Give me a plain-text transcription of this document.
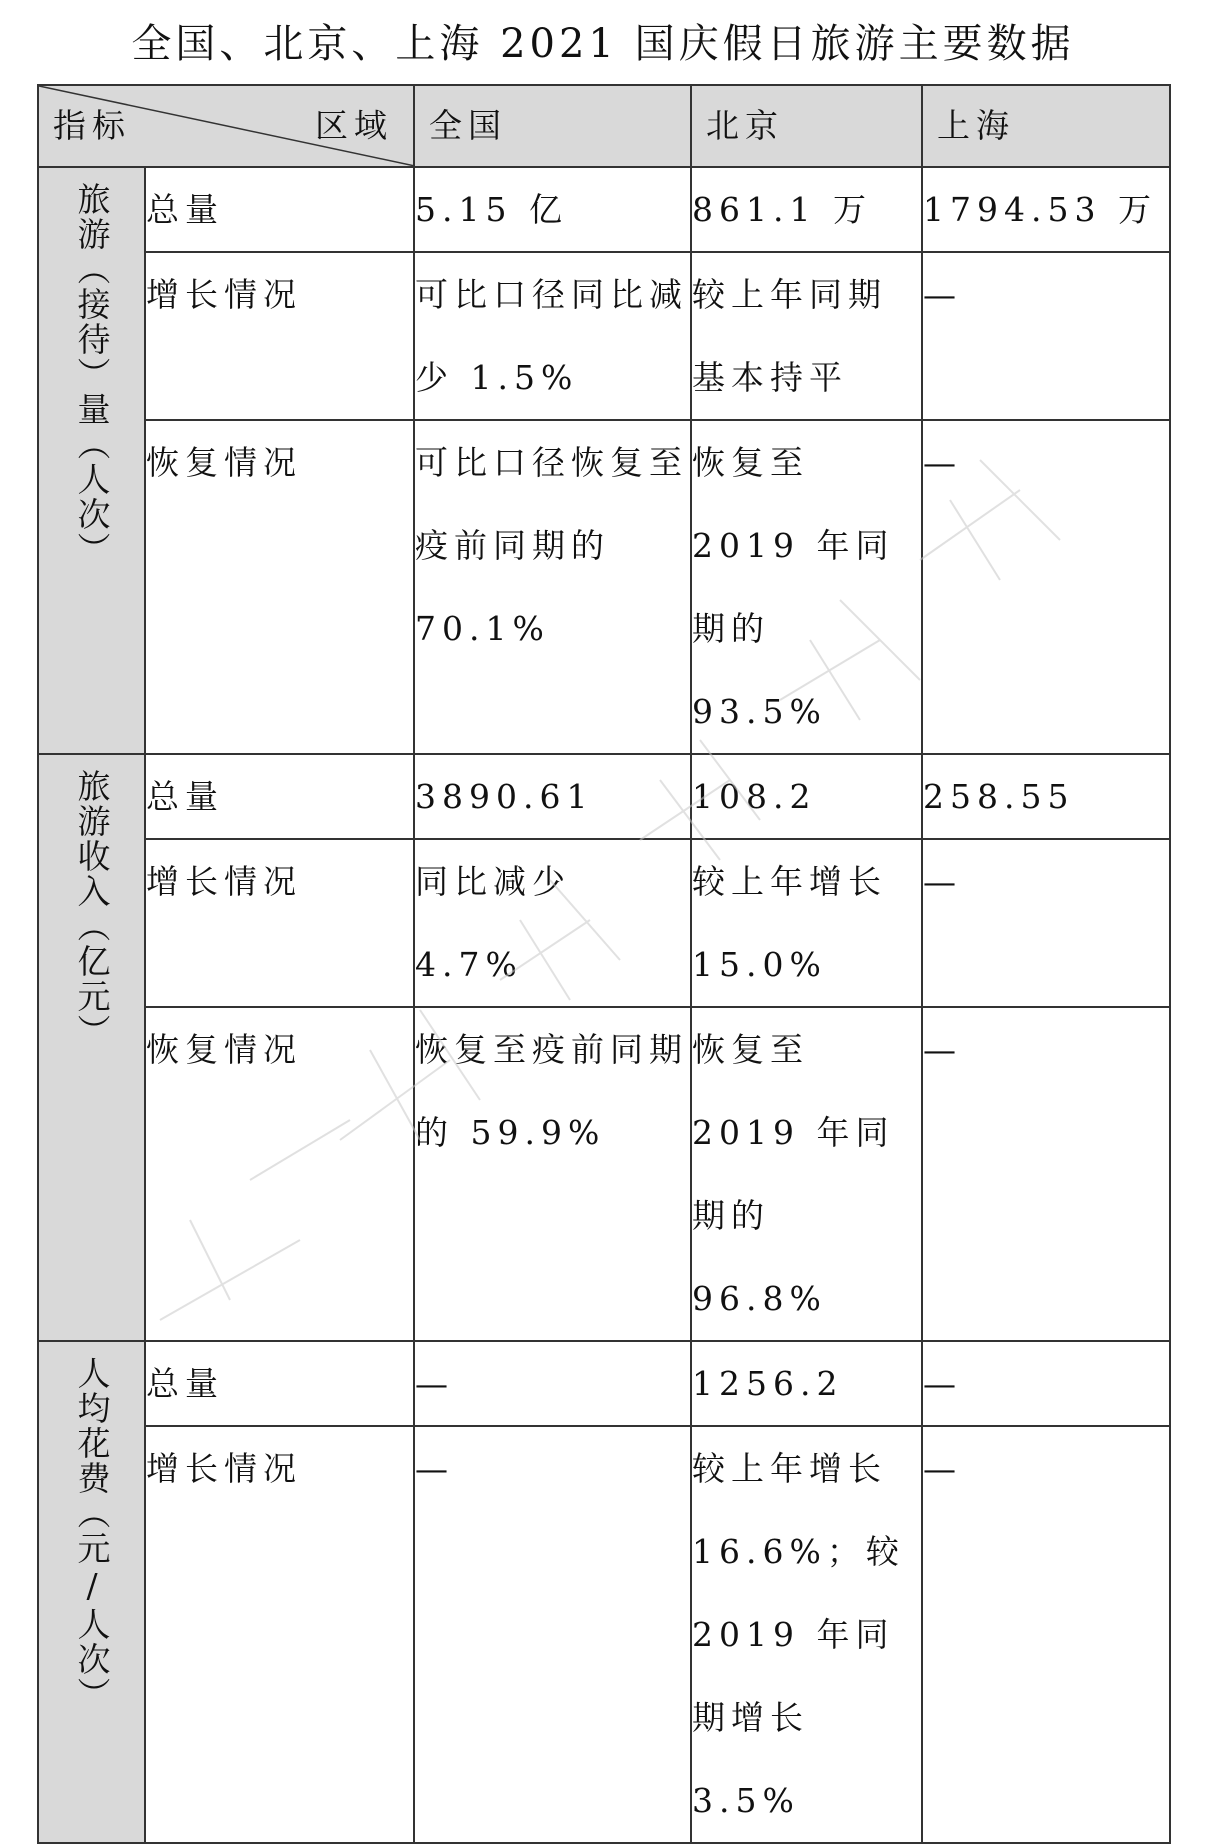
全国、北京、上海 2021 国庆假日旅游主要数据
指标 区域		全国	北京	上海

旅游（接待）量（人次）	总量	5.15 亿	861.1 万	1794.53 万
	增长情况	可比口径同比减少 1.5%	较上年同期基本持平	—
	恢复情况	可比口径恢复至疫前同期的 70.1%	恢复至 2019 年同期的 93.5%	—

旅游收入（亿元）	总量	3890.61	108.2	258.55
	增长情况	同比减少 4.7%	较上年增长 15.0%	—
	恢复情况	恢复至疫前同期的 59.9%	恢复至 2019 年同期的 96.8%	—

人均花费（元/人次）	总量	—	1256.2	—
	增长情况	—	较上年增长 16.6%；较 2019 年同期增长 3.5%	—
